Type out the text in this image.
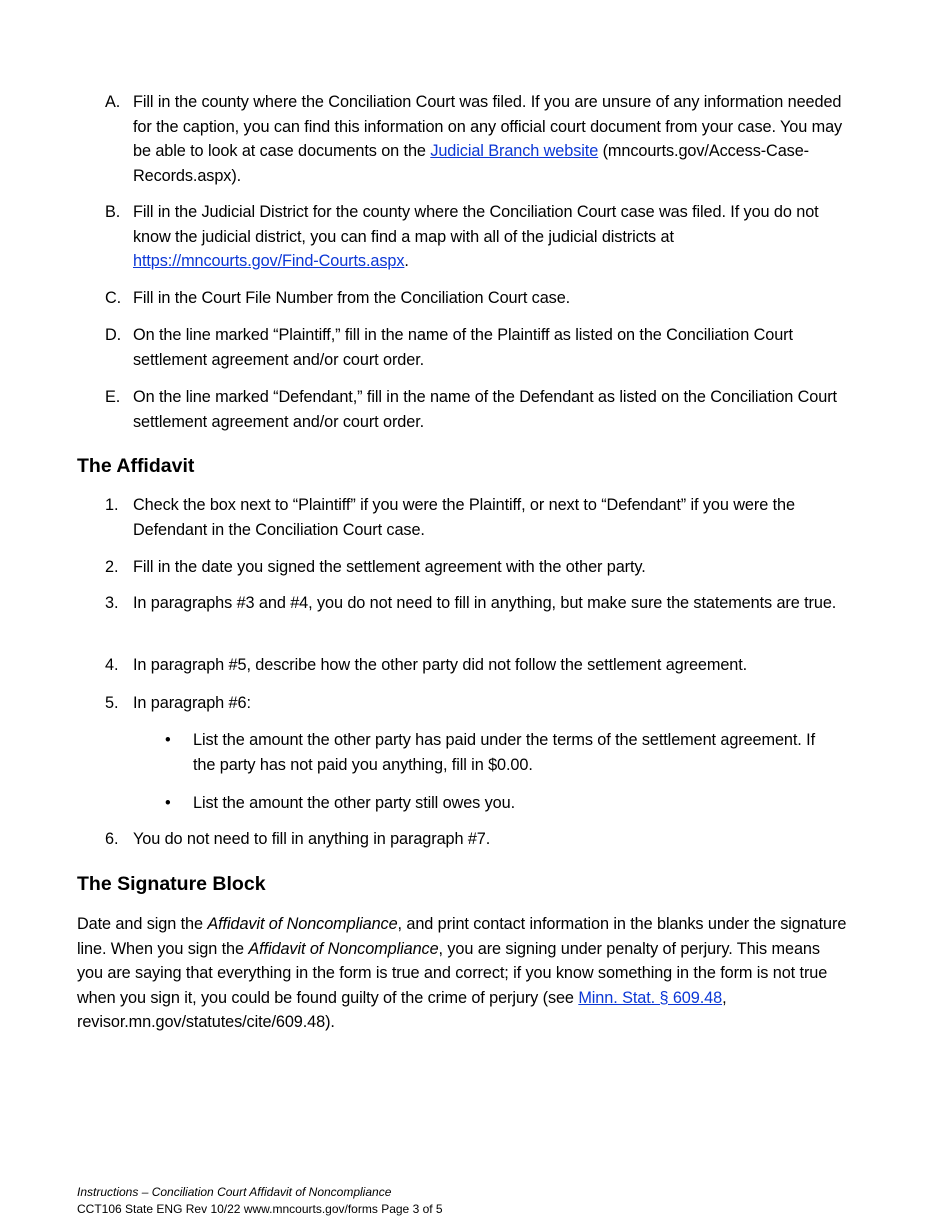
A. Fill in the county where the Conciliation Court was filed. If you are unsure of any information needed for the caption, you can find this information on any official court document from your case. You may be able to look at case documents on the Judicial Branch website (mncourts.gov/Access-Case-Records.aspx).
B. Fill in the Judicial District for the county where the Conciliation Court case was filed. If you do not know the judicial district, you can find a map with all of the judicial districts at https://mncourts.gov/Find-Courts.aspx.
C. Fill in the Court File Number from the Conciliation Court case.
D. On the line marked “Plaintiff,” fill in the name of the Plaintiff as listed on the Conciliation Court settlement agreement and/or court order.
E. On the line marked “Defendant,” fill in the name of the Defendant as listed on the Conciliation Court settlement agreement and/or court order.
The Affidavit
1. Check the box next to “Plaintiff” if you were the Plaintiff, or next to “Defendant” if you were the Defendant in the Conciliation Court case.
2. Fill in the date you signed the settlement agreement with the other party.
3. In paragraphs #3 and #4, you do not need to fill in anything, but make sure the statements are true.
4. In paragraph #5, describe how the other party did not follow the settlement agreement.
5. In paragraph #6:
• List the amount the other party has paid under the terms of the settlement agreement. If the party has not paid you anything, fill in $0.00.
• List the amount the other party still owes you.
6. You do not need to fill in anything in paragraph #7.
The Signature Block
Date and sign the Affidavit of Noncompliance, and print contact information in the blanks under the signature line. When you sign the Affidavit of Noncompliance, you are signing under penalty of perjury. This means you are saying that everything in the form is true and correct; if you know something in the form is not true when you sign it, you could be found guilty of the crime of perjury (see Minn. Stat. § 609.48, revisor.mn.gov/statutes/cite/609.48).
Instructions – Conciliation Court Affidavit of Noncompliance
CCT106 State ENG Rev 10/22 www.mncourts.gov/forms Page 3 of 5
